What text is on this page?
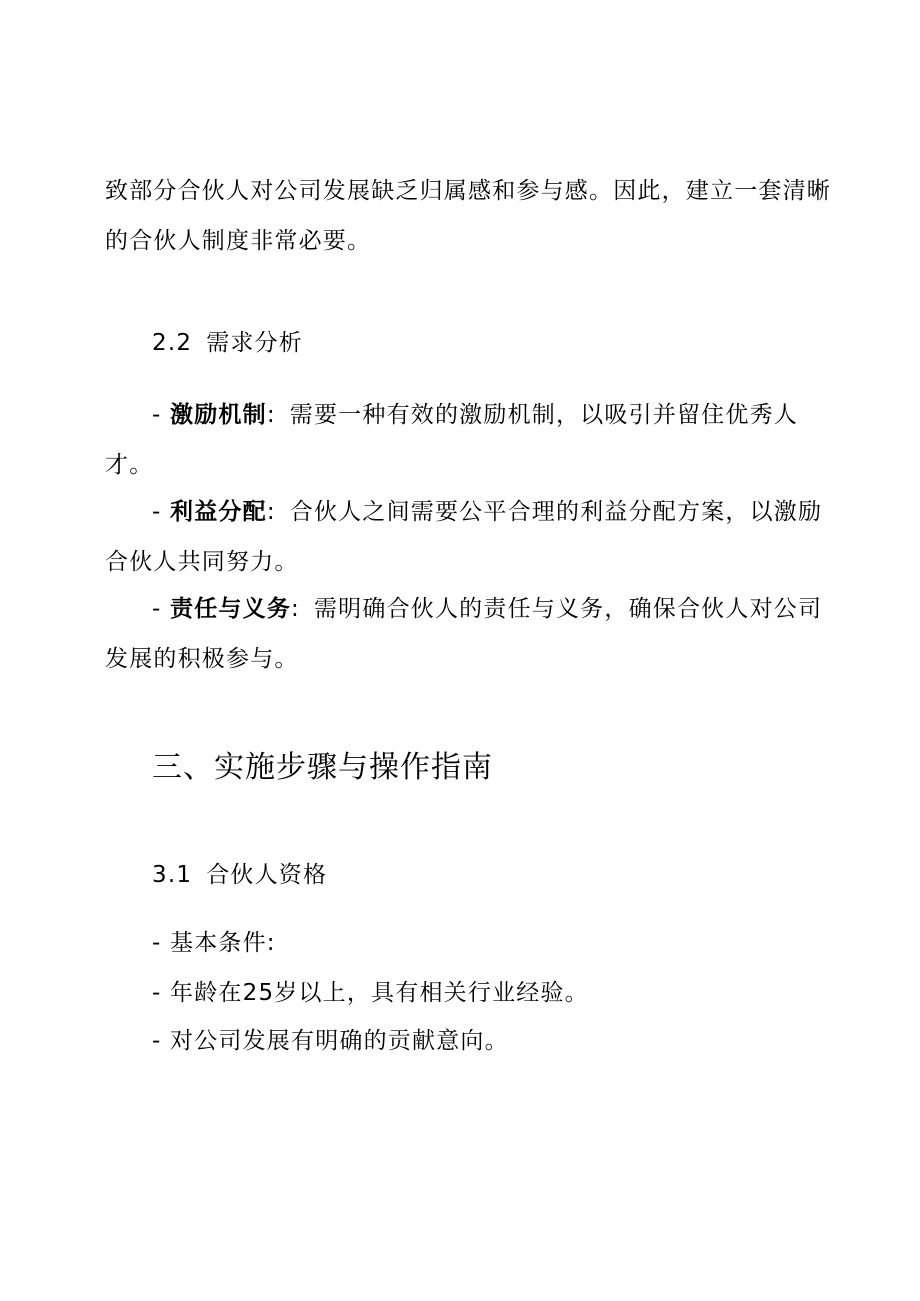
致部分合伙人对公司发展缺乏归属感和参与感。因此，建立一套清晰
的合伙人制度非常必要。
2.2 需求分析
- 激励机制: 需要一种有效的激励机制，以吸引并留住优秀人
才。
- 利益分配: 合伙人之间需要公平合理的利益分配方案，以激励
合伙人共同努力。
- 责任与义务: 需明确合伙人的责任与义务，确保合伙人对公司
发展的积极参与。
三、实施步骤与操作指南
3.1 合伙人资格
- 基本条件:
- 年龄在25岁以上，具有相关行业经验。
- 对公司发展有明确的贡献意向。
